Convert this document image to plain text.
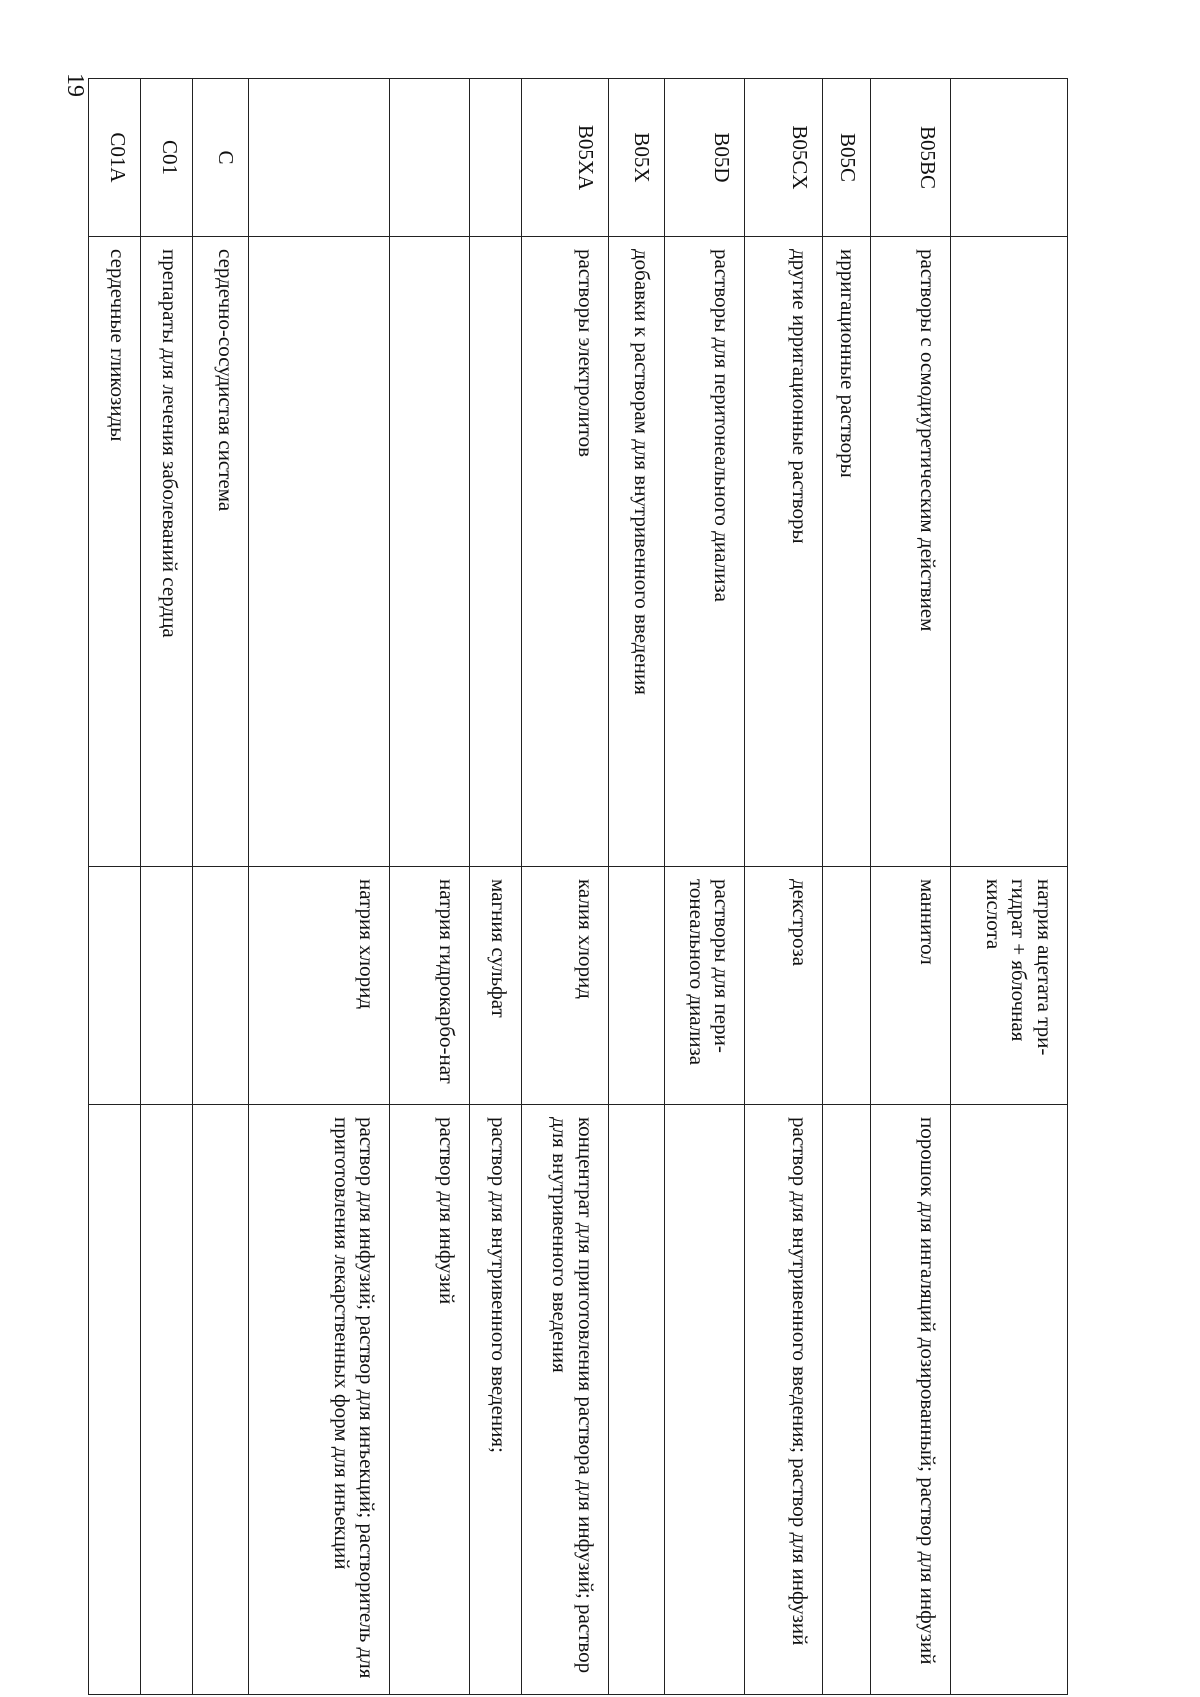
19
		натрия ацетата три-гидрат + яблочная кислота	
B05BC	растворы с осмодиуретическим действием	маннитол	порошок для ингаляций дозированный; раствор для инфузий
B05C	ирригационные растворы		
B05CX	другие ирригационные растворы	декстроза	раствор для внутривенного введения; раствор для инфузий
B05D	растворы для перитонеального диализа	растворы для пери-тонеального диализа	
B05X	добавки к растворам для внутривенного введения		
B05XA	растворы электролитов	калия хлорид	концентрат для приготовления раствора для инфузий; раствор для внутривенного введения
		магния сульфат	раствор для внутривенного введения;
		натрия гидрокарбо-нат	раствор для инфузий
		натрия хлорид	раствор для инфузий; раствор для инъекций; растворитель для приготовления лекарственных форм для инъекций
C	сердечно-сосудистая система		
C01	препараты для лечения заболеваний сердца		
C01A	сердечные гликозиды		
